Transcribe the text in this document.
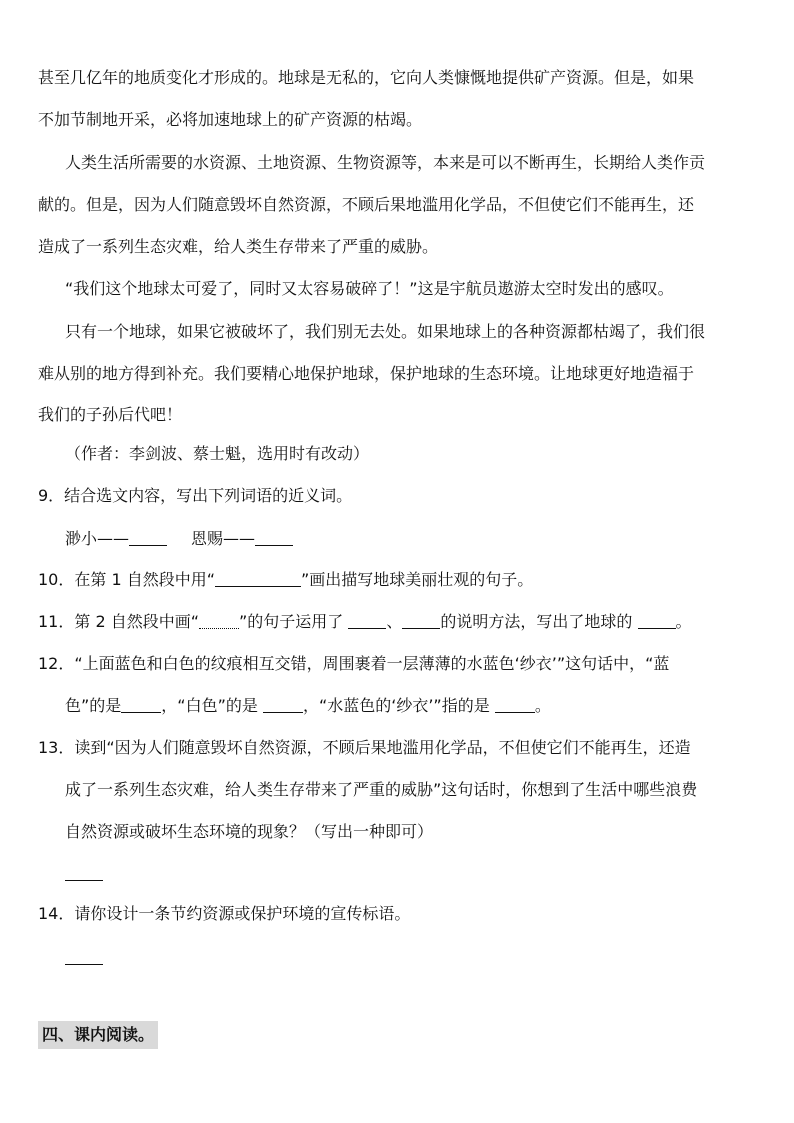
甚至几亿年的地质变化才形成的。地球是无私的，它向人类慷慨地提供矿产资源。但是，如果
不加节制地开采，必将加速地球上的矿产资源的枯竭。
人类生活所需要的水资源、土地资源、生物资源等，本来是可以不断再生，长期给人类作贡
献的。但是，因为人们随意毁坏自然资源，不顾后果地滥用化学品，不但使它们不能再生，还
造成了一系列生态灾难，给人类生存带来了严重的威胁。
“我们这个地球太可爱了，同时又太容易破碎了！”这是宇航员遨游太空时发出的感叹。
只有一个地球，如果它被破坏了，我们别无去处。如果地球上的各种资源都枯竭了，我们很
难从别的地方得到补充。我们要精心地保护地球，保护地球的生态环境。让地球更好地造福于
我们的子孙后代吧！
（作者：李剑波、蔡士魁，选用时有改动）
9．结合选文内容，写出下列词语的近义词。
渺小——	恩赐——
10．在第 1 自然段中用“	”画出描写地球美丽壮观的句子。
11．第 2 自然段中画“	”的句子运用了 、 的说明方法，写出了地球的 。
12．“上面蓝色和白色的纹痕相互交错，周围裹着一层薄薄的水蓝色‘纱衣’”这句话中，“蓝
色”的是	，“白色”的是	，“水蓝色的‘纱衣’”指的是	。
13．读到“因为人们随意毁坏自然资源，不顾后果地滥用化学品，不但使它们不能再生，还造
成了一系列生态灾难，给人类生存带来了严重的威胁”这句话时，你想到了生活中哪些浪费
自然资源或破坏生态环境的现象？（写出一种即可）
14．请你设计一条节约资源或保护环境的宣传标语。
四、课内阅读。
